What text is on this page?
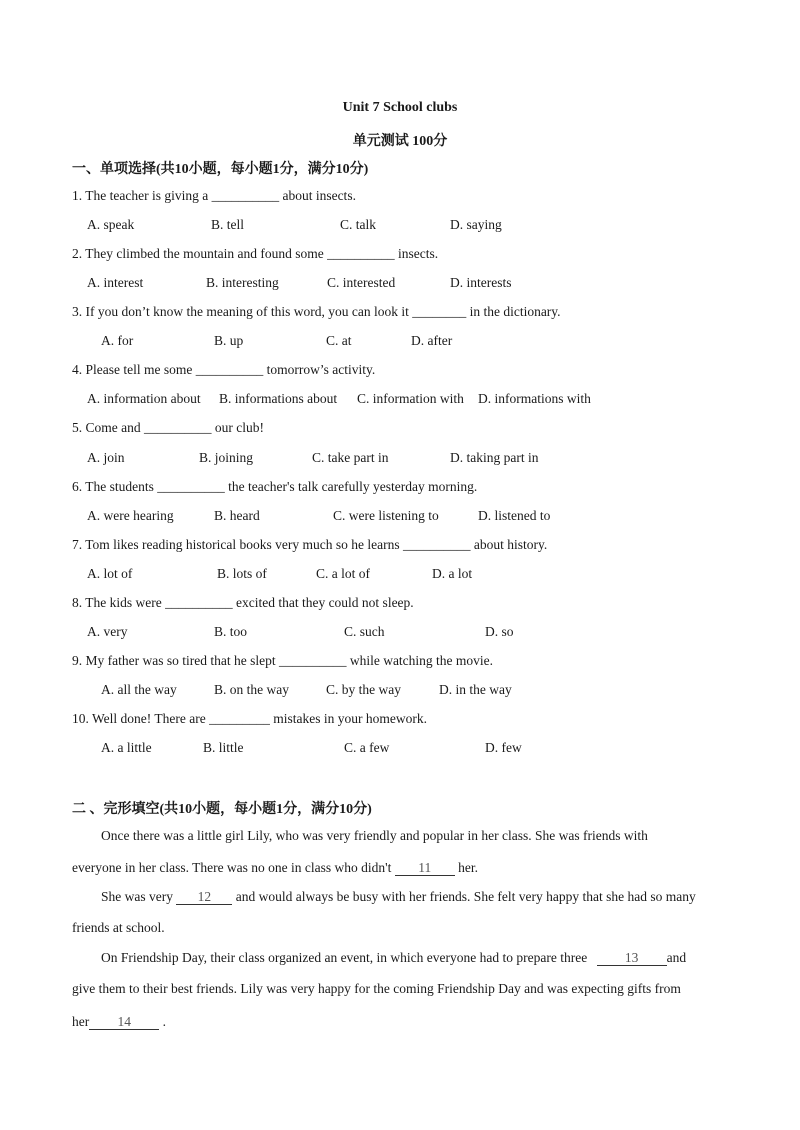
Unit 7 School clubs
单元测试 100分
一、单项选择(共10小题，每小题1分，满分10分)
1. The teacher is giving a __________ about insects.
A. speak	B. tell	C. talk	D. saying
2. They climbed the mountain and found some __________ insects.
A. interest	B. interesting	C. interested	D. interests
3. If you don’t know the meaning of this word, you can look it ________ in the dictionary.
A. for	B. up	C. at	D. after
4. Please tell me some __________ tomorrow’s activity.
A. information about B. informations about C. information with D. informations with
5. Come and __________ our club!
A. join	B. joining	C. take part in	D. taking part in
6. The students __________ the teacher's talk carefully yesterday morning.
A. were hearing	B. heard	C. were listening to	D. listened to
7. Tom likes reading historical books very much so he learns __________ about history.
A. lot of	B. lots of	C. a lot of	D. a lot
8. The kids were __________ excited that they could not sleep.
A. very	B. too	C. such	D. so
9. My father was so tired that he slept __________ while watching the movie.
A. all the way	B. on the way	C. by the way	D. in the way
10. Well done! There are _________ mistakes in your homework.
A. a little	B. little	C. a few	D. few
二 、完形填空(共10小题，每小题1分，满分10分)
Once there was a little girl Lily, who was very friendly and popular in her class. She was friends with
everyone in her class. There was no one in class who didn't 11 her.
She was very 12 and would always be busy with her friends. She felt very happy that she had so many
friends at school.
On Friendship Day, their class organized an event, in which everyone had to prepare three	13 and
give them to their best friends. Lily was very happy for the coming Friendship Day and was expecting gifts from
her 14 .
